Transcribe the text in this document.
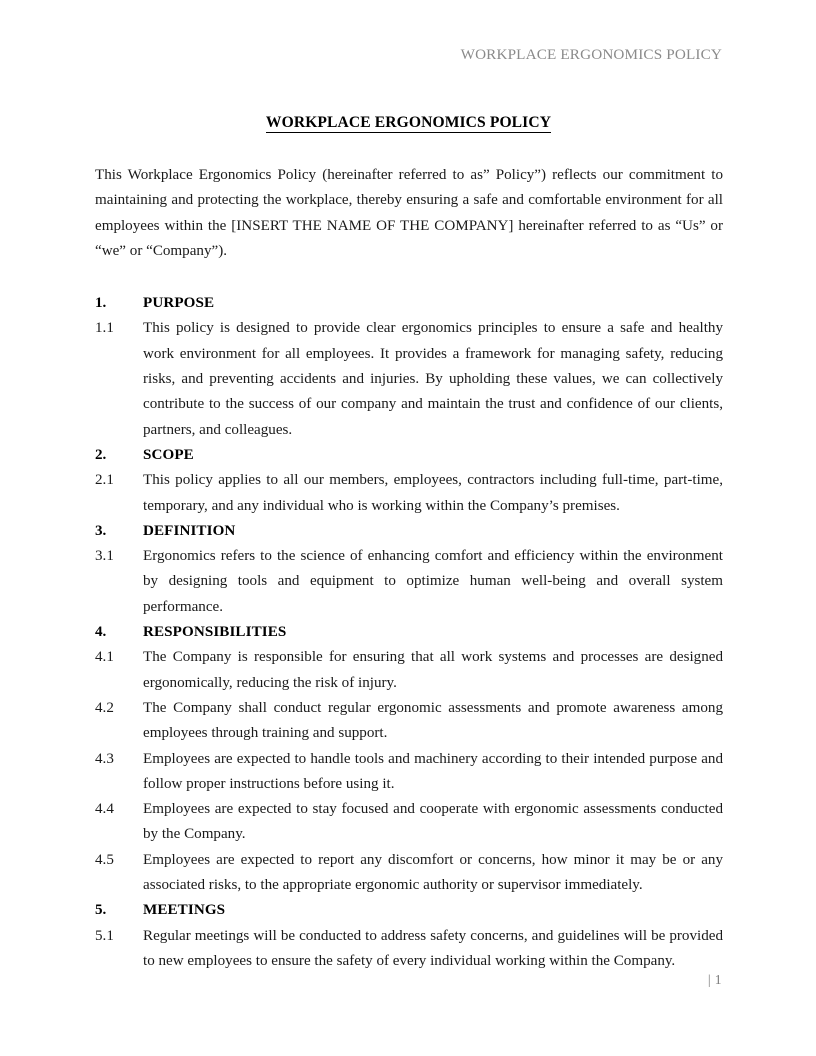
WORKPLACE ERGONOMICS POLICY
WORKPLACE ERGONOMICS POLICY

This Workplace Ergonomics Policy (hereinafter referred to as” Policy”) reflects our commitment to maintaining and protecting the workplace, thereby ensuring a safe and comfortable environment for all employees within the [INSERT THE NAME OF THE COMPANY] hereinafter referred to as “Us” or “we” or “Company”).

1.	PURPOSE
1.1	This policy is designed to provide clear ergonomics principles to ensure a safe and healthy work environment for all employees. It provides a framework for managing safety, reducing risks, and preventing accidents and injuries. By upholding these values, we can collectively contribute to the success of our company and maintain the trust and confidence of our clients, partners, and colleagues.
2.	SCOPE
2.1	This policy applies to all our members, employees, contractors including full-time, part-time, temporary, and any individual who is working within the Company’s premises.
3.	DEFINITION
3.1	Ergonomics refers to the science of enhancing comfort and efficiency within the environment by designing tools and equipment to optimize human well-being and overall system performance.
4.	RESPONSIBILITIES
4.1	The Company is responsible for ensuring that all work systems and processes are designed ergonomically, reducing the risk of injury.
4.2	The Company shall conduct regular ergonomic assessments and promote awareness among employees through training and support.
4.3	Employees are expected to handle tools and machinery according to their intended purpose and follow proper instructions before using it.
4.4	Employees are expected to stay focused and cooperate with ergonomic assessments conducted by the Company.
4.5	Employees are expected to report any discomfort or concerns, how minor it may be or any associated risks, to the appropriate ergonomic authority or supervisor immediately.
5.	MEETINGS
5.1	Regular meetings will be conducted to address safety concerns, and guidelines will be provided to new employees to ensure the safety of every individual working within the Company.
| 1
